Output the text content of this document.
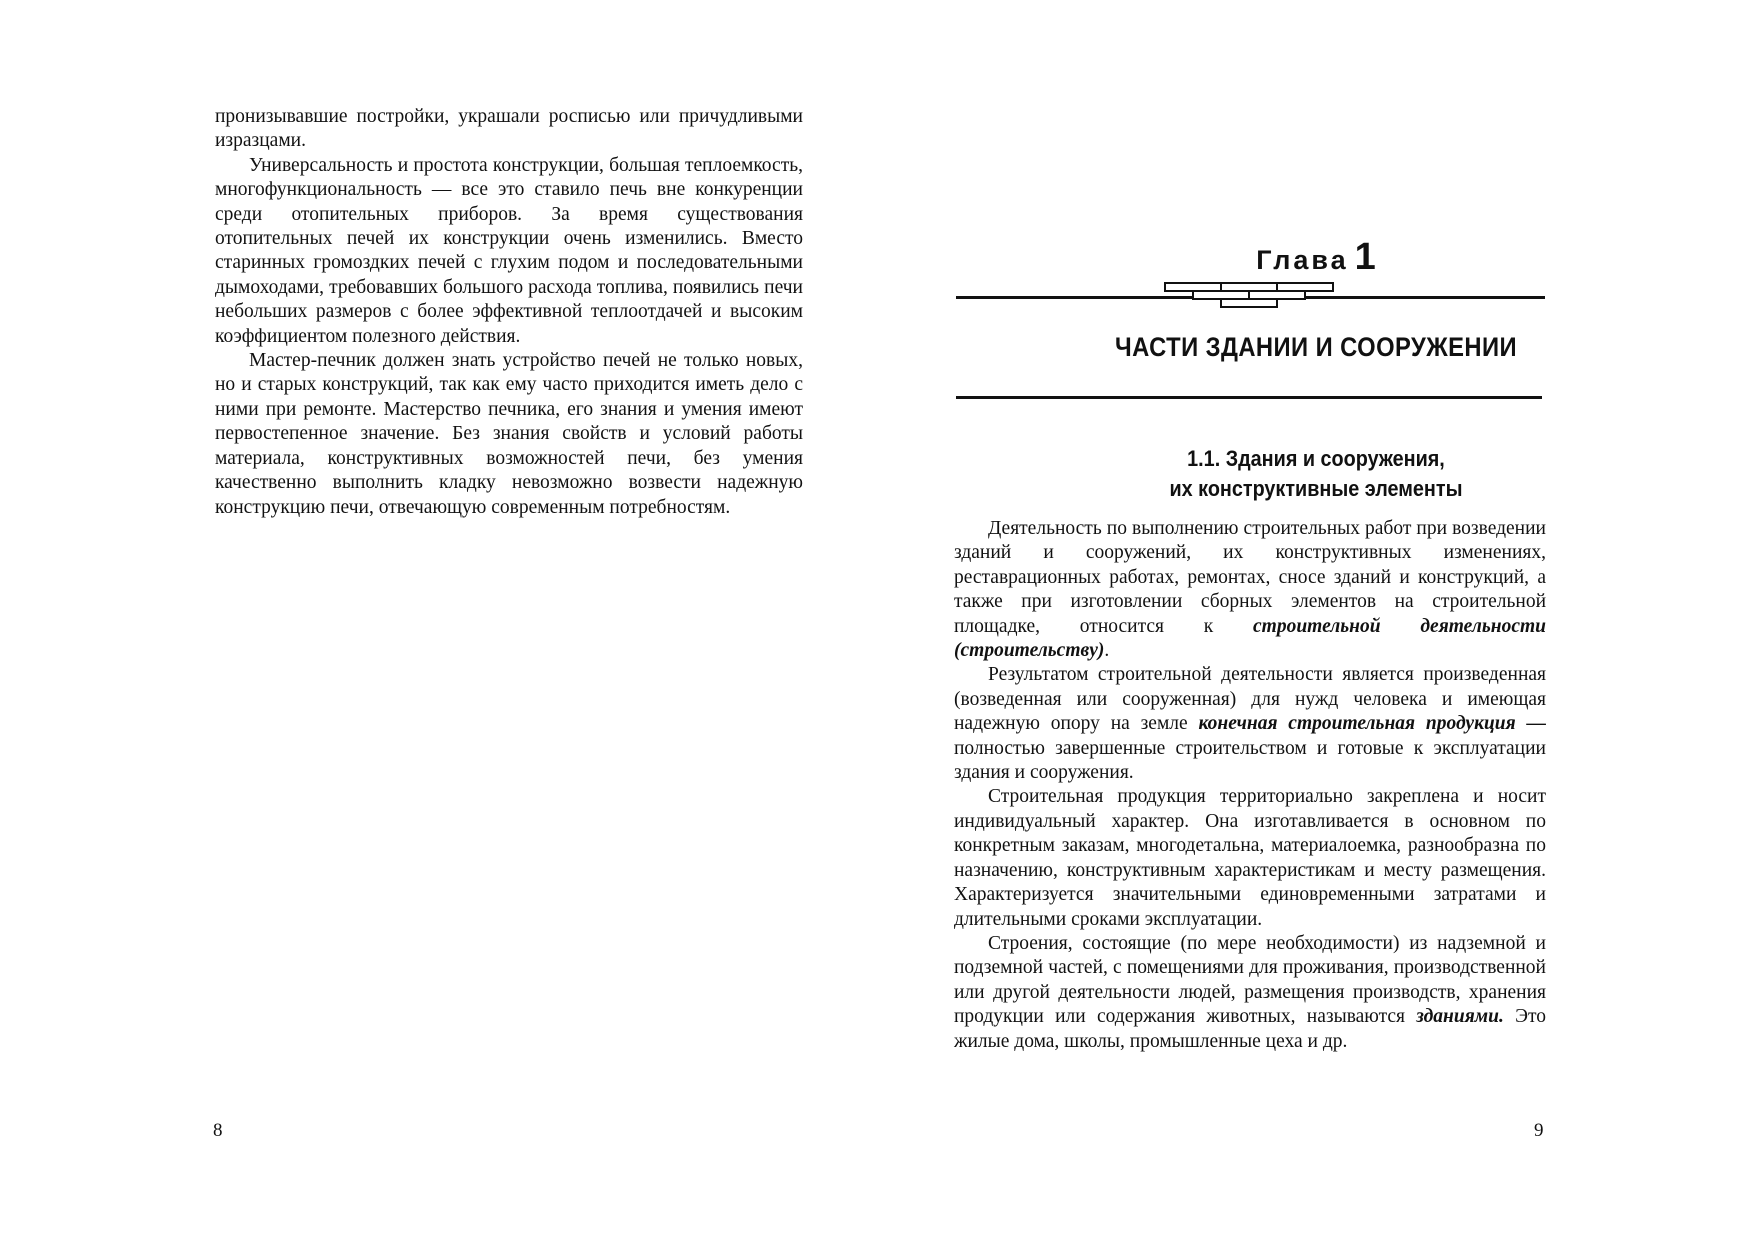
пронизывавшие постройки, украшали росписью или причудливыми изразцами.

Универсальность и простота конструкции, большая теплоемкость, многофункциональность — все это ставило печь вне конкуренции среди отопительных приборов. За время существования отопительных печей их конструкции очень изменились. Вместо старинных громоздких печей с глухим подом и последовательными дымоходами, требовавших большого расхода топлива, появились печи небольших размеров с более эффективной теплоотдачей и высоким коэффициентом полезного действия.

Мастер-печник должен знать устройство печей не только новых, но и старых конструкций, так как ему часто приходится иметь дело с ними при ремонте. Мастерство печника, его знания и умения имеют первостепенное значение. Без знания свойств и условий работы материала, конструктивных возможностей печи, без умения качественно выполнить кладку невозможно возвести надежную конструкцию печи, отвечающую современным потребностям.

8
Глава 1
ЧАСТИ ЗДАНИИ И СООРУЖЕНИИ
1.1. Здания и сооружения,
их конструктивные элементы

Деятельность по выполнению строительных работ при возведении зданий и сооружений, их конструктивных изменениях, реставрационных работах, ремонтах, сносе зданий и конструкций, а также при изготовлении сборных элементов на строительной площадке, относится к строительной деятельности (строительству).

Результатом строительной деятельности является произведенная (возведенная или сооруженная) для нужд человека и имеющая надежную опору на земле конечная строительная продукция — полностью завершенные строительством и готовые к эксплуатации здания и сооружения.

Строительная продукция территориально закреплена и носит индивидуальный характер. Она изготавливается в основном по конкретным заказам, многодетальна, материалоемка, разнообразна по назначению, конструктивным характеристикам и месту размещения. Характеризуется значительными единовременными затратами и длительными сроками эксплуатации.

Строения, состоящие (по мере необходимости) из надземной и подземной частей, с помещениями для проживания, производственной или другой деятельности людей, размещения производств, хранения продукции или содержания животных, называются зданиями. Это жилые дома, школы, промышленные цеха и др.

9
